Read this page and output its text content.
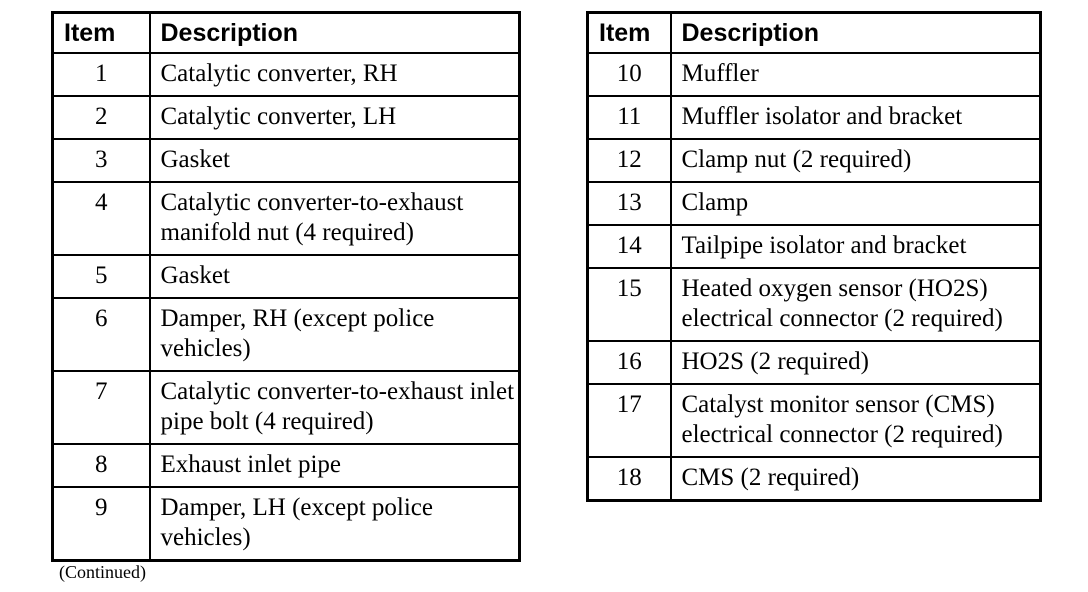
Item	Description
1	Catalytic converter, RH
2	Catalytic converter, LH
3	Gasket
4	Catalytic converter-to-exhaust manifold nut (4 required)
5	Gasket
6	Damper, RH (except police vehicles)
7	Catalytic converter-to-exhaust inlet pipe bolt (4 required)
8	Exhaust inlet pipe
9	Damper, LH (except police vehicles)
Item	Description
10	Muffler
11	Muffler isolator and bracket
12	Clamp nut (2 required)
13	Clamp
14	Tailpipe isolator and bracket
15	Heated oxygen sensor (HO2S) electrical connector (2 required)
16	HO2S (2 required)
17	Catalyst monitor sensor (CMS) electrical connector (2 required)
18	CMS (2 required)
(Continued)
